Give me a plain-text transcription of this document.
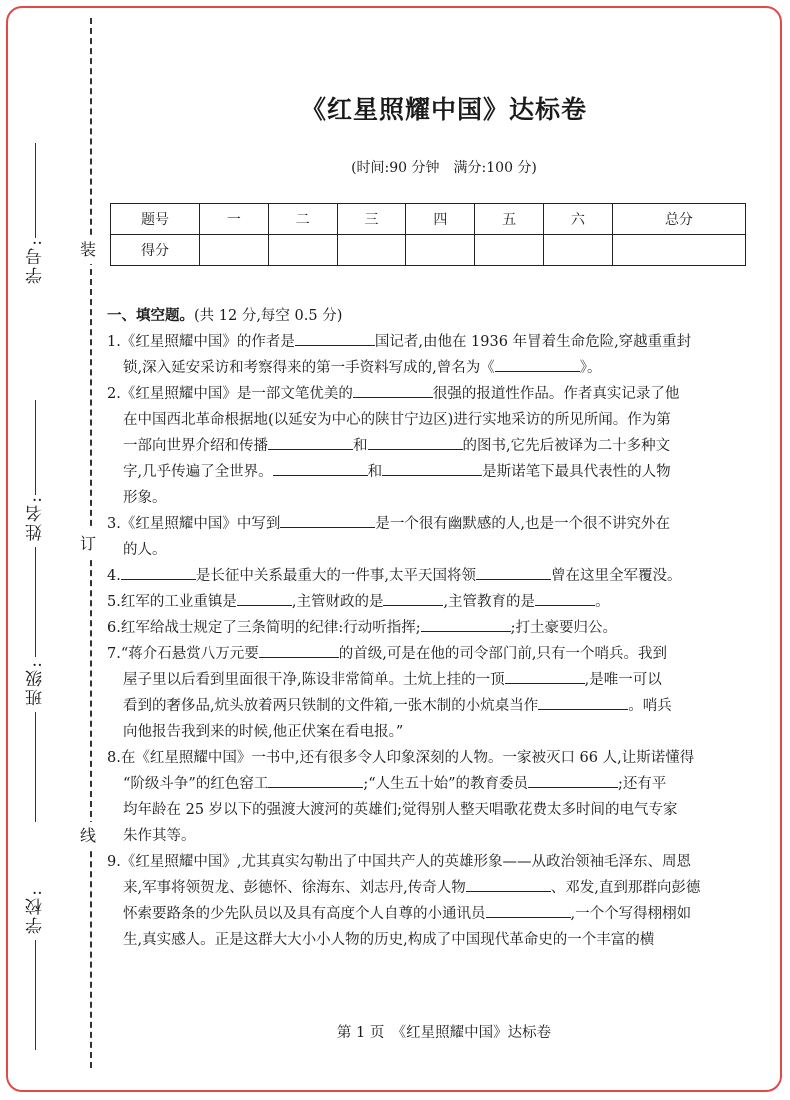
装
订
线
学号:
姓名:
班级:
学校:
《红星照耀中国》达标卷
(时间:90 分钟　满分:100 分)
题号	一	二	三	四	五	六	总分
得分							
一、填空题。(共 12 分,每空 0.5 分)
1.《红星照耀中国》的作者是	国记者,由他在 1936 年冒着生命危险,穿越重重封
锁,深入延安采访和考察得来的第一手资料写成的,曾名为《	》。
2.《红星照耀中国》是一部文笔优美的	很强的报道性作品。作者真实记录了他
在中国西北革命根据地(以延安为中心的陕甘宁边区)进行实地采访的所见所闻。作为第
一部向世界介绍和传播	和	的图书,它先后被译为二十多种文
字,几乎传遍了全世界。	和	是斯诺笔下最具代表性的人物
形象。
3.《红星照耀中国》中写到	是一个很有幽默感的人,也是一个很不讲究外在
的人。
4.	是长征中关系最重大的一件事,太平天国将领	曾在这里全军覆没。
5.红军的工业重镇是	,主管财政的是	,主管教育的是	。
6.红军给战士规定了三条简明的纪律:行动听指挥;	;打土豪要归公。
7.“蒋介石悬赏八万元要	的首级,可是在他的司令部门前,只有一个哨兵。我到
屋子里以后看到里面很干净,陈设非常简单。土炕上挂的一顶	,是唯一可以
看到的奢侈品,炕头放着两只铁制的文件箱,一张木制的小炕桌当作	。哨兵
向他报告我到来的时候,他正伏案在看电报。”
8.在《红星照耀中国》一书中,还有很多令人印象深刻的人物。一家被灭口 66 人,让斯诺懂得
“阶级斗争”的红色窑工	;“人生五十始”的教育委员	;还有平
均年龄在 25 岁以下的强渡大渡河的英雄们;觉得别人整天唱歌花费太多时间的电气专家
朱作其等。
9.《红星照耀中国》,尤其真实勾勒出了中国共产人的英雄形象——从政治领袖毛泽东、周恩
来,军事将领贺龙、彭德怀、徐海东、刘志丹,传奇人物	、邓发,直到那群向彭德
怀索要路条的少先队员以及具有高度个人自尊的小通讯员	,一个个写得栩栩如
生,真实感人。正是这群大大小小人物的历史,构成了中国现代革命史的一个丰富的横
第 1 页　《红星照耀中国》达标卷
